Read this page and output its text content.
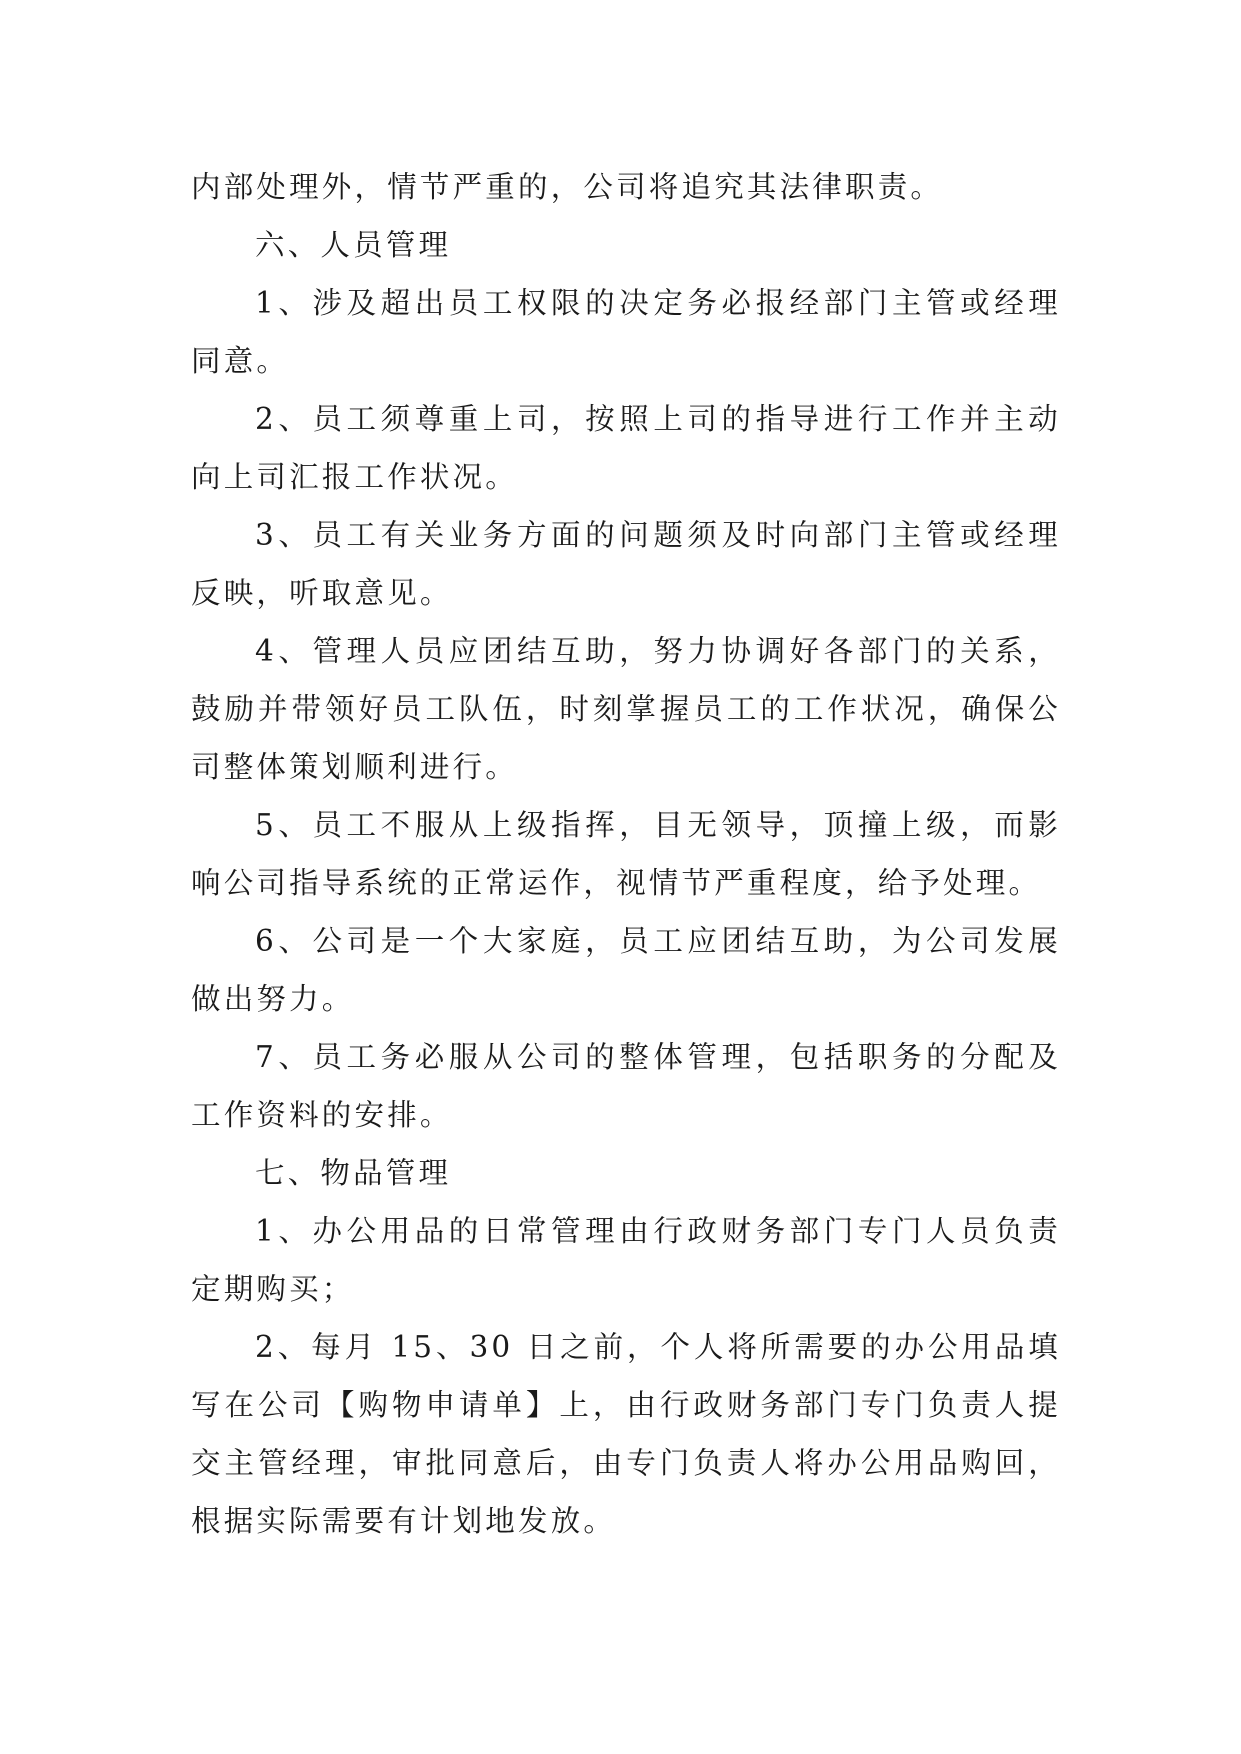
内部处理外，情节严重的，公司将追究其法律职责。

六、人员管理

1、涉及超出员工权限的决定务必报经部门主管或经理同意。

2、员工须尊重上司，按照上司的指导进行工作并主动向上司汇报工作状况。

3、员工有关业务方面的问题须及时向部门主管或经理反映，听取意见。

4、管理人员应团结互助，努力协调好各部门的关系，鼓励并带领好员工队伍，时刻掌握员工的工作状况，确保公司整体策划顺利进行。

5、员工不服从上级指挥，目无领导，顶撞上级，而影响公司指导系统的正常运作，视情节严重程度，给予处理。

6、公司是一个大家庭，员工应团结互助，为公司发展做出努力。

7、员工务必服从公司的整体管理，包括职务的分配及工作资料的安排。

七、物品管理

1、办公用品的日常管理由行政财务部门专门人员负责定期购买；

2、每月 15、30 日之前，个人将所需要的办公用品填写在公司【购物申请单】上，由行政财务部门专门负责人提交主管经理，审批同意后，由专门负责人将办公用品购回，根据实际需要有计划地发放。
